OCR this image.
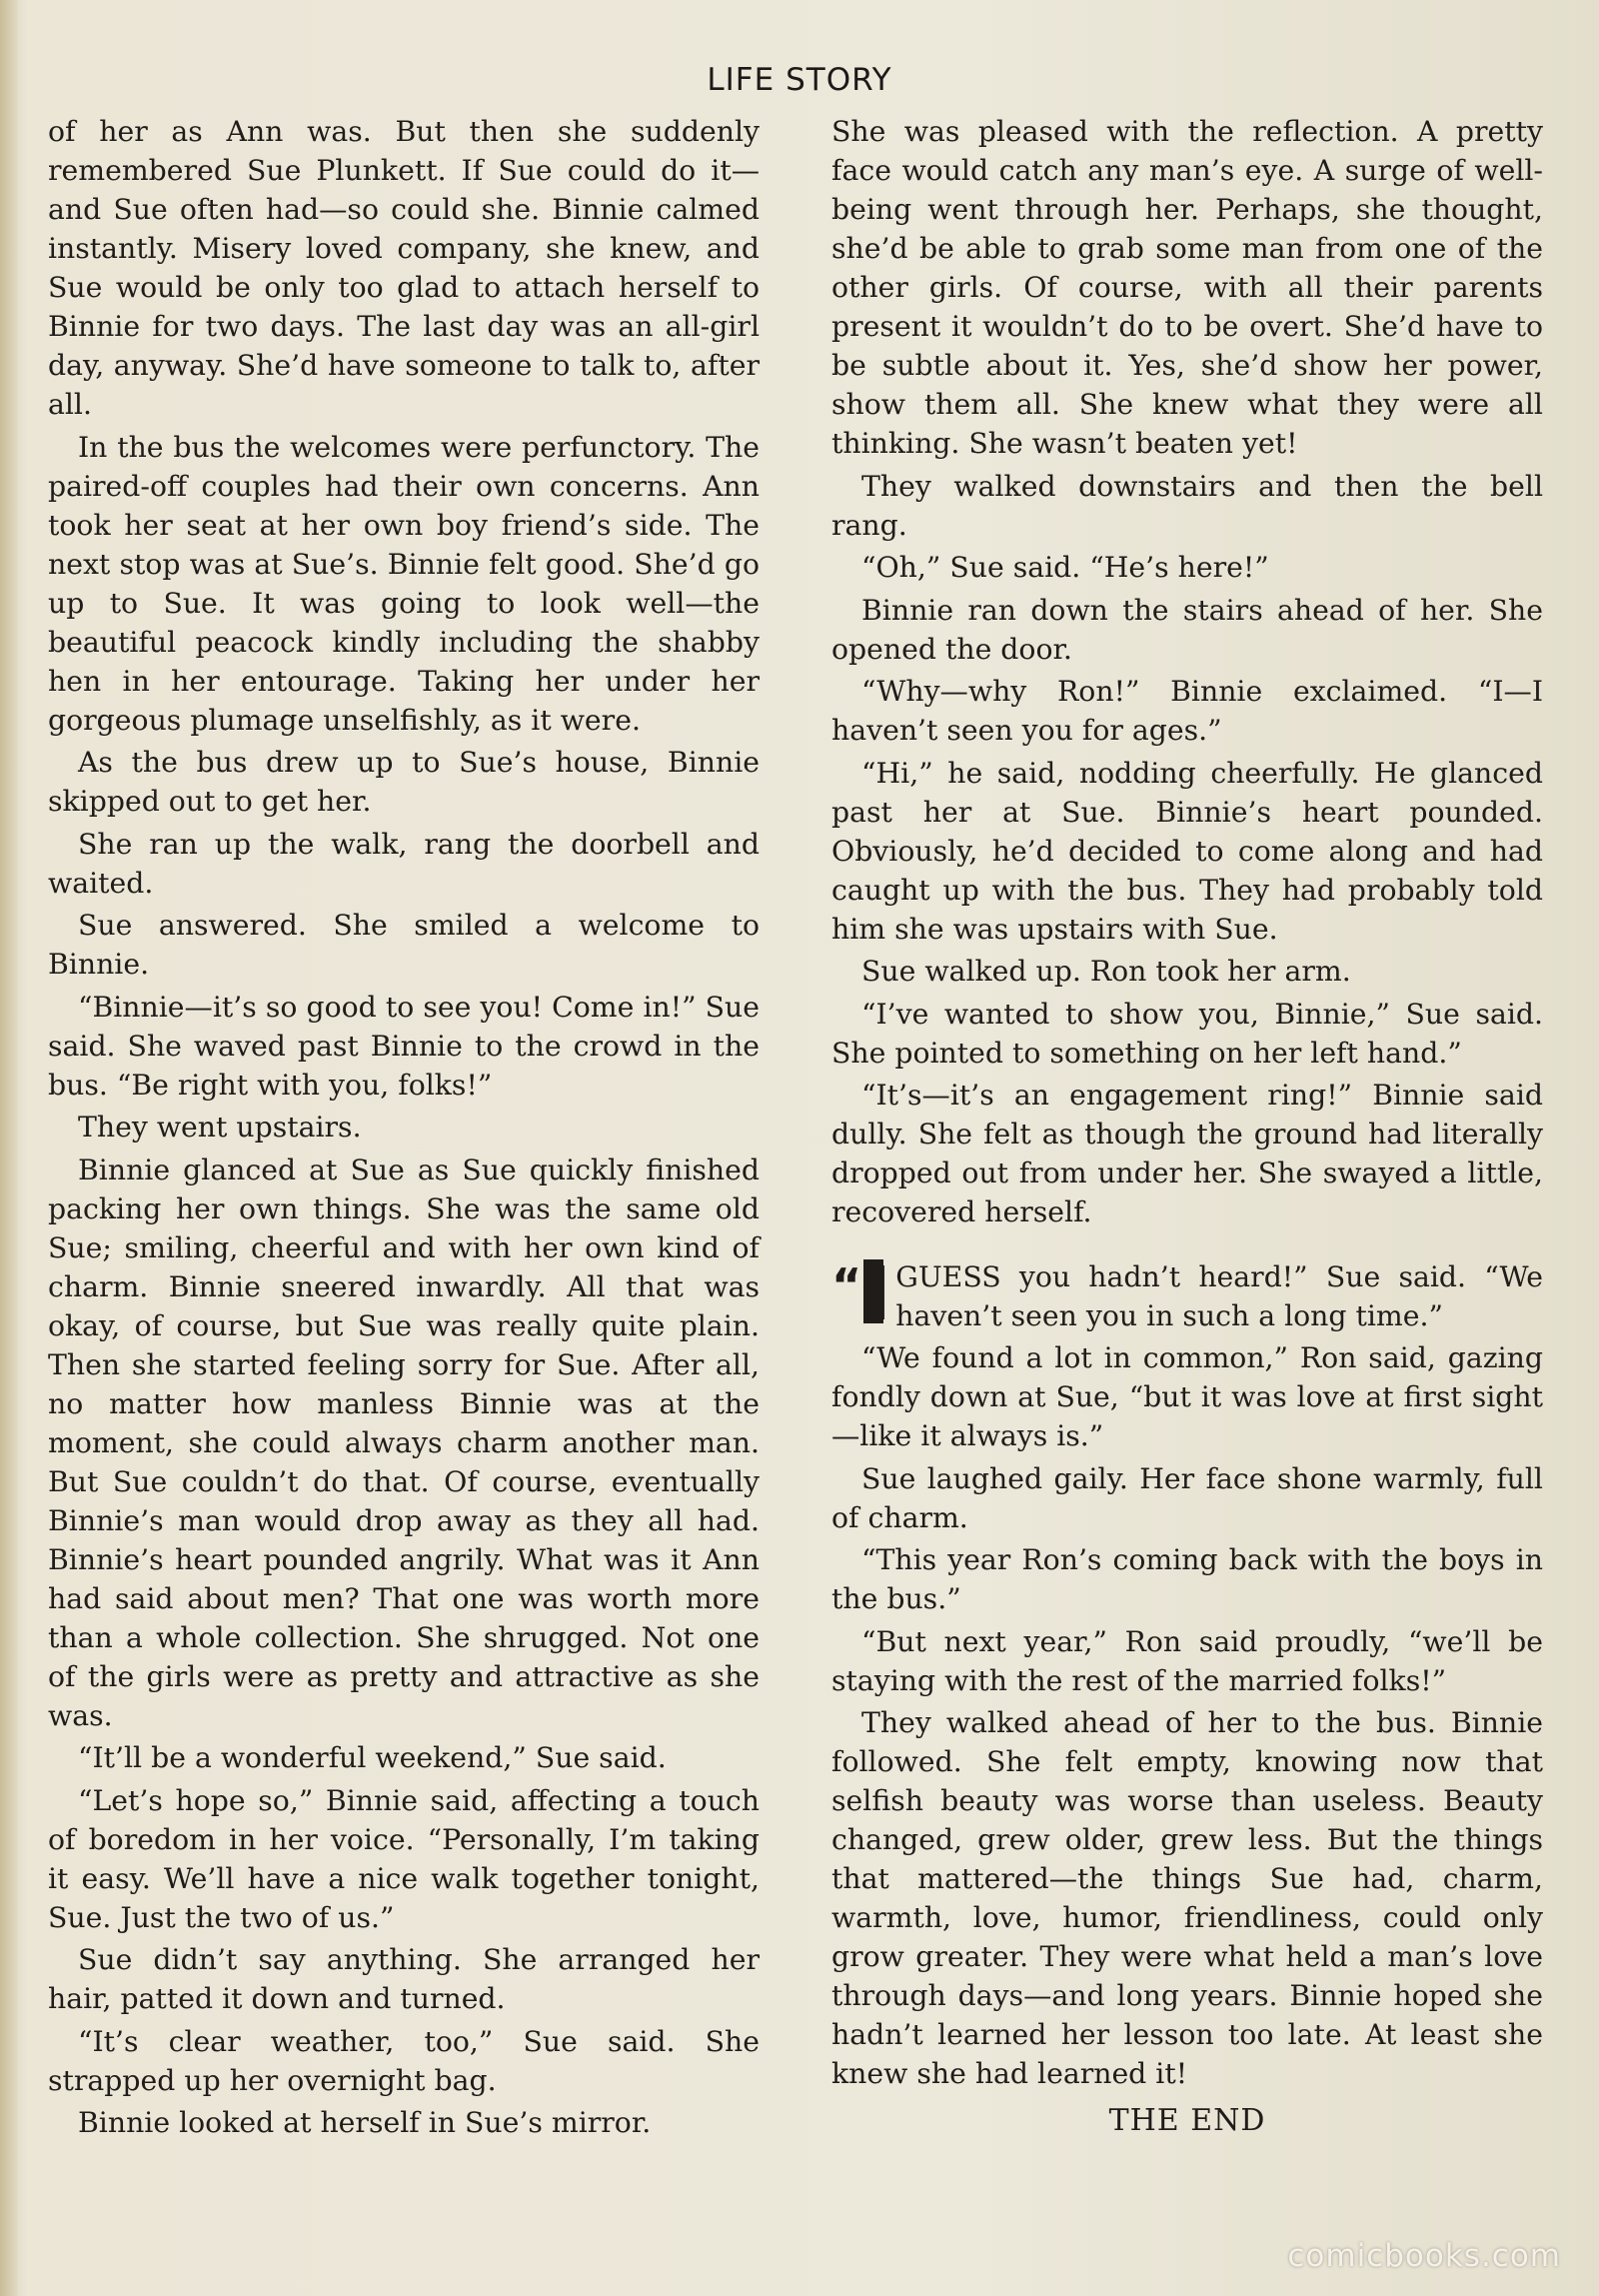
LIFE STORY

of her as Ann was. But then she suddenly remembered Sue Plunkett. If Sue could do it—and Sue often had—so could she. Binnie calmed instantly. Misery loved company, she knew, and Sue would be only too glad to attach herself to Binnie for two days. The last day was an all-girl day, anyway. She’d have someone to talk to, after all.

In the bus the welcomes were perfunctory. The paired-off couples had their own concerns. Ann took her seat at her own boy friend’s side. The next stop was at Sue’s. Binnie felt good. She’d go up to Sue. It was going to look well—the beautiful peacock kindly including the shabby hen in her entourage. Taking her under her gorgeous plumage unselfishly, as it were.

As the bus drew up to Sue’s house, Binnie skipped out to get her.

She ran up the walk, rang the doorbell and waited.

Sue answered. She smiled a welcome to Binnie.

“Binnie—it’s so good to see you! Come in!” Sue said. She waved past Binnie to the crowd in the bus. “Be right with you, folks!”

They went upstairs.

Binnie glanced at Sue as Sue quickly finished packing her own things. She was the same old Sue; smiling, cheerful and with her own kind of charm. Binnie sneered inwardly. All that was okay, of course, but Sue was really quite plain. Then she started feeling sorry for Sue. After all, no matter how manless Binnie was at the moment, she could always charm another man. But Sue couldn’t do that. Of course, eventually Binnie’s man would drop away as they all had. Binnie’s heart pounded angrily. What was it Ann had said about men? That one was worth more than a whole collection. She shrugged. Not one of the girls were as pretty and attractive as she was.

“It’ll be a wonderful weekend,” Sue said.

“Let’s hope so,” Binnie said, affecting a touch of boredom in her voice. “Personally, I’m taking it easy. We’ll have a nice walk together tonight, Sue. Just the two of us.”

Sue didn’t say anything. She arranged her hair, patted it down and turned.

“It’s clear weather, too,” Sue said. She strapped up her overnight bag.

Binnie looked at herself in Sue’s mirror.

She was pleased with the reflection. A pretty face would catch any man’s eye. A surge of well-being went through her. Perhaps, she thought, she’d be able to grab some man from one of the other girls. Of course, with all their parents present it wouldn’t do to be overt. She’d have to be subtle about it. Yes, she’d show her power, show them all. She knew what they were all thinking. She wasn’t beaten yet!

They walked downstairs and then the bell rang.

“Oh,” Sue said. “He’s here!”

Binnie ran down the stairs ahead of her. She opened the door.

“Why—why Ron!” Binnie exclaimed. “I—I haven’t seen you for ages.”

“Hi,” he said, nodding cheerfully. He glanced past her at Sue. Binnie’s heart pounded. Obviously, he’d decided to come along and had caught up with the bus. They had probably told him she was upstairs with Sue.

Sue walked up. Ron took her arm.

“I’ve wanted to show you, Binnie,” Sue said. She pointed to something on her left hand.”

“It’s—it’s an engagement ring!” Binnie said dully. She felt as though the ground had literally dropped out from under her. She swayed a little, recovered herself.

“ I GUESS you hadn’t heard!” Sue said. “We haven’t seen you in such a long time.”

“We found a lot in common,” Ron said, gazing fondly down at Sue, “but it was love at first sight—like it always is.”

Sue laughed gaily. Her face shone warmly, full of charm.

“This year Ron’s coming back with the boys in the bus.”

“But next year,” Ron said proudly, “we’ll be staying with the rest of the married folks!”

They walked ahead of her to the bus. Binnie followed. She felt empty, knowing now that selfish beauty was worse than useless. Beauty changed, grew older, grew less. But the things that mattered—the things Sue had, charm, warmth, love, humor, friendliness, could only grow greater. They were what held a man’s love through days—and long years. Binnie hoped she hadn’t learned her lesson too late. At least she knew she had learned it!

THE END
comicbooks.com
